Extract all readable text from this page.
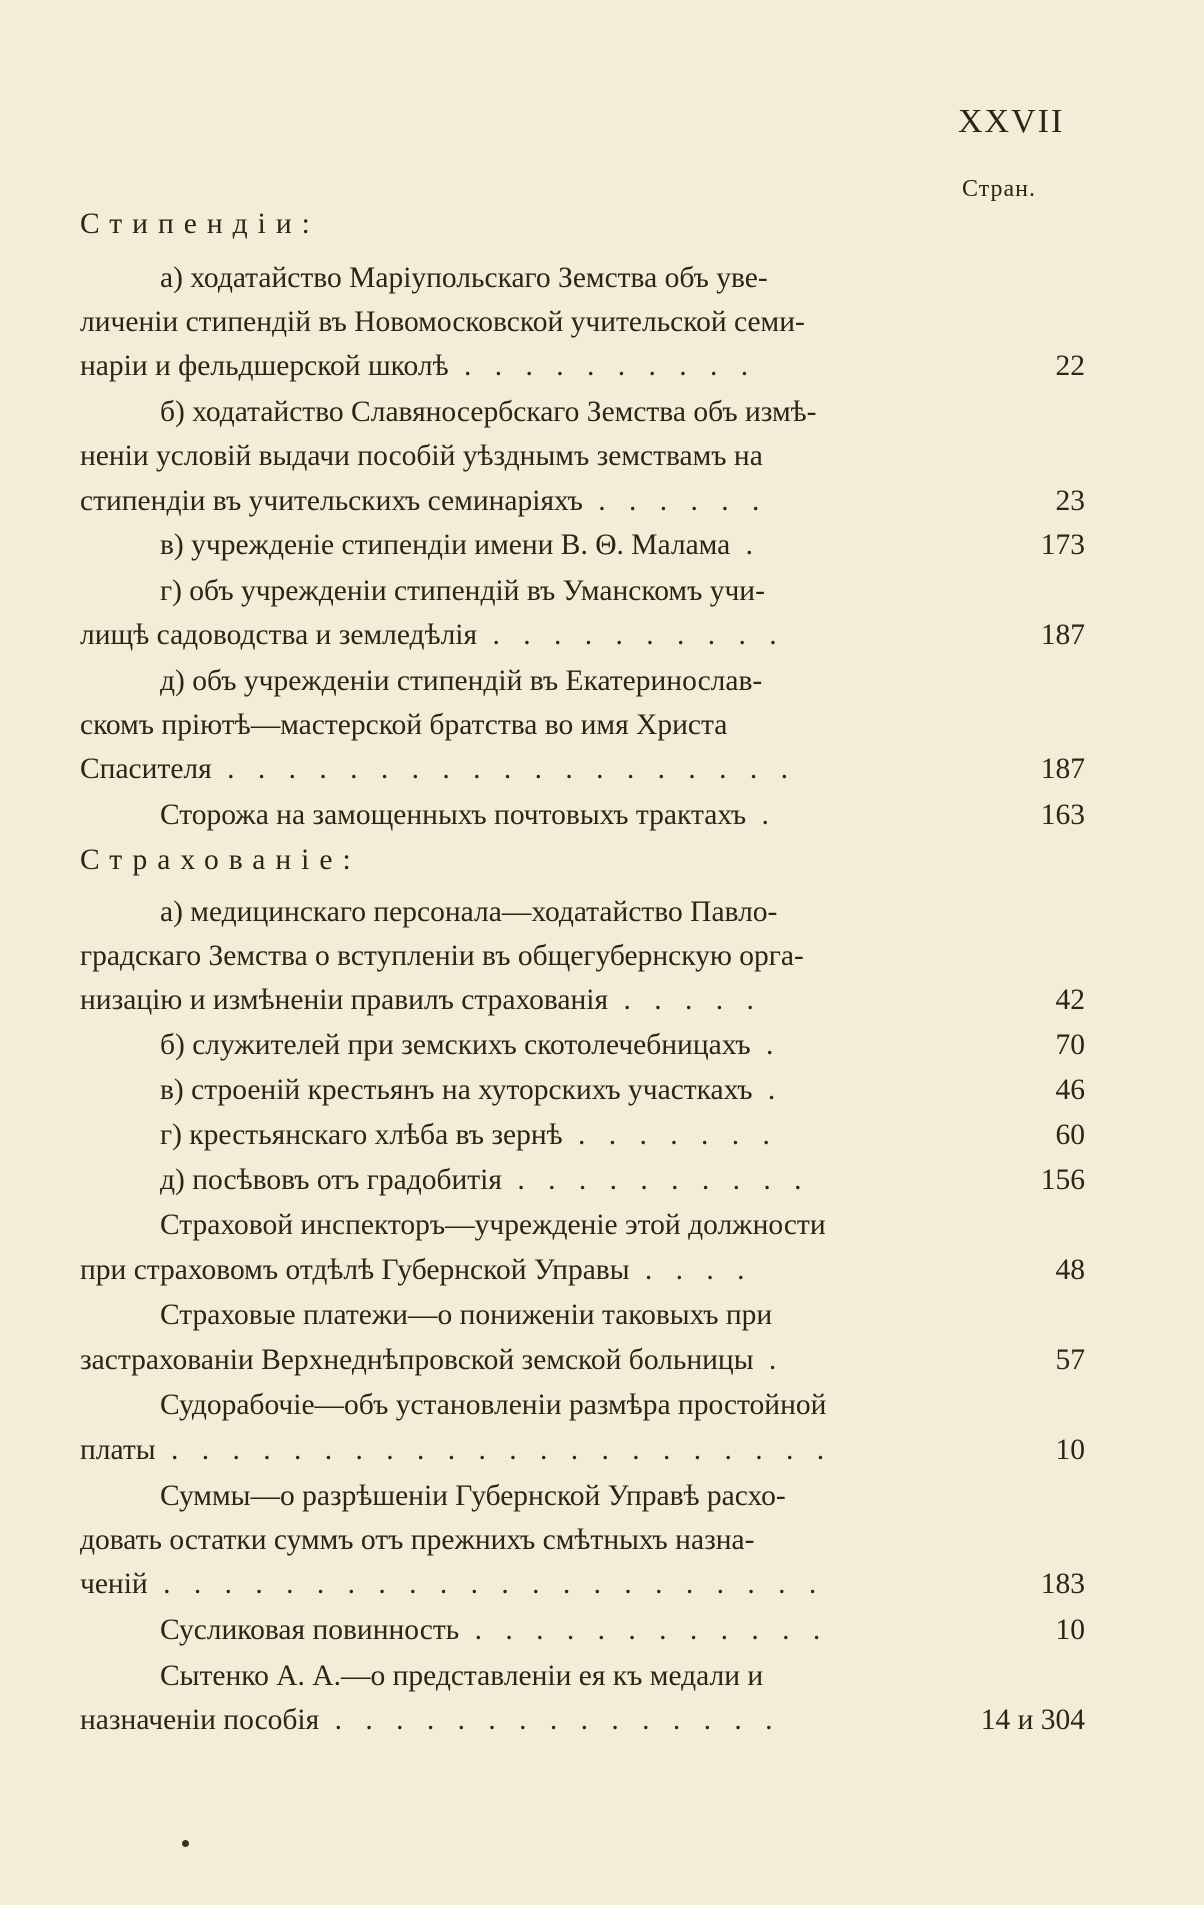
XXVII
Стран.
Стипендіи:
а) ходатайство Маріупольскаго Земства объ уве-
личеніи стипендій въ Новомосковской учительской семи-
наріи и фельдшерской школѣ . . . . . . . . . .	22
б) ходатайство Славяносербскаго Земства объ измѣ-
неніи условій выдачи пособій уѣзднымъ земствамъ на
стипендіи въ учительскихъ семинаріяхъ . . . . . .	23
в) учрежденіе стипендіи имени В. Θ. Малама .	173
г) объ учрежденіи стипендій въ Уманскомъ учи-
лищѣ садоводства и земледѣлія . . . . . . . . . .	187
д) объ учрежденіи стипендій въ Екатеринослав-
скомъ пріютѣ—мастерской братства во имя Христа
Спасителя . . . . . . . . . . . . . . . . . . .	187
Сторожа на замощенныхъ почтовыхъ трактахъ .	163
Страхованіе:
а) медицинскаго персонала—ходатайство Павло-
градскаго Земства о вступленіи въ общегубернскую орга-
низацію и измѣненіи правилъ страхованія . . . . .	42
б) служителей при земскихъ скотолечебницахъ .	70
в) строеній крестьянъ на хуторскихъ участкахъ .	46
г) крестьянскаго хлѣба въ зернѣ . . . . . . .	60
д) посѣвовъ отъ градобитія . . . . . . . . . .	156
Страховой инспекторъ—учрежденіе этой должности
при страховомъ отдѣлѣ Губернской Управы . . . .	48
Страховые платежи—о пониженіи таковыхъ при
застрахованіи Верхнеднѣпровской земской больницы .	57
Судорабочіе—объ установленіи размѣра простойной
платы . . . . . . . . . . . . . . . . . . . . . .	10
Суммы—о разрѣшеніи Губернской Управѣ расхо-
довать остатки суммъ отъ прежнихъ смѣтныхъ назна-
ченій . . . . . . . . . . . . . . . . . . . . . .	183
Сусликовая повинность . . . . . . . . . . . .	10
Сытенко А. А.—о представленіи ея къ медали и
назначеніи пособія . . . . . . . . . . . . . . .	14 и 304
